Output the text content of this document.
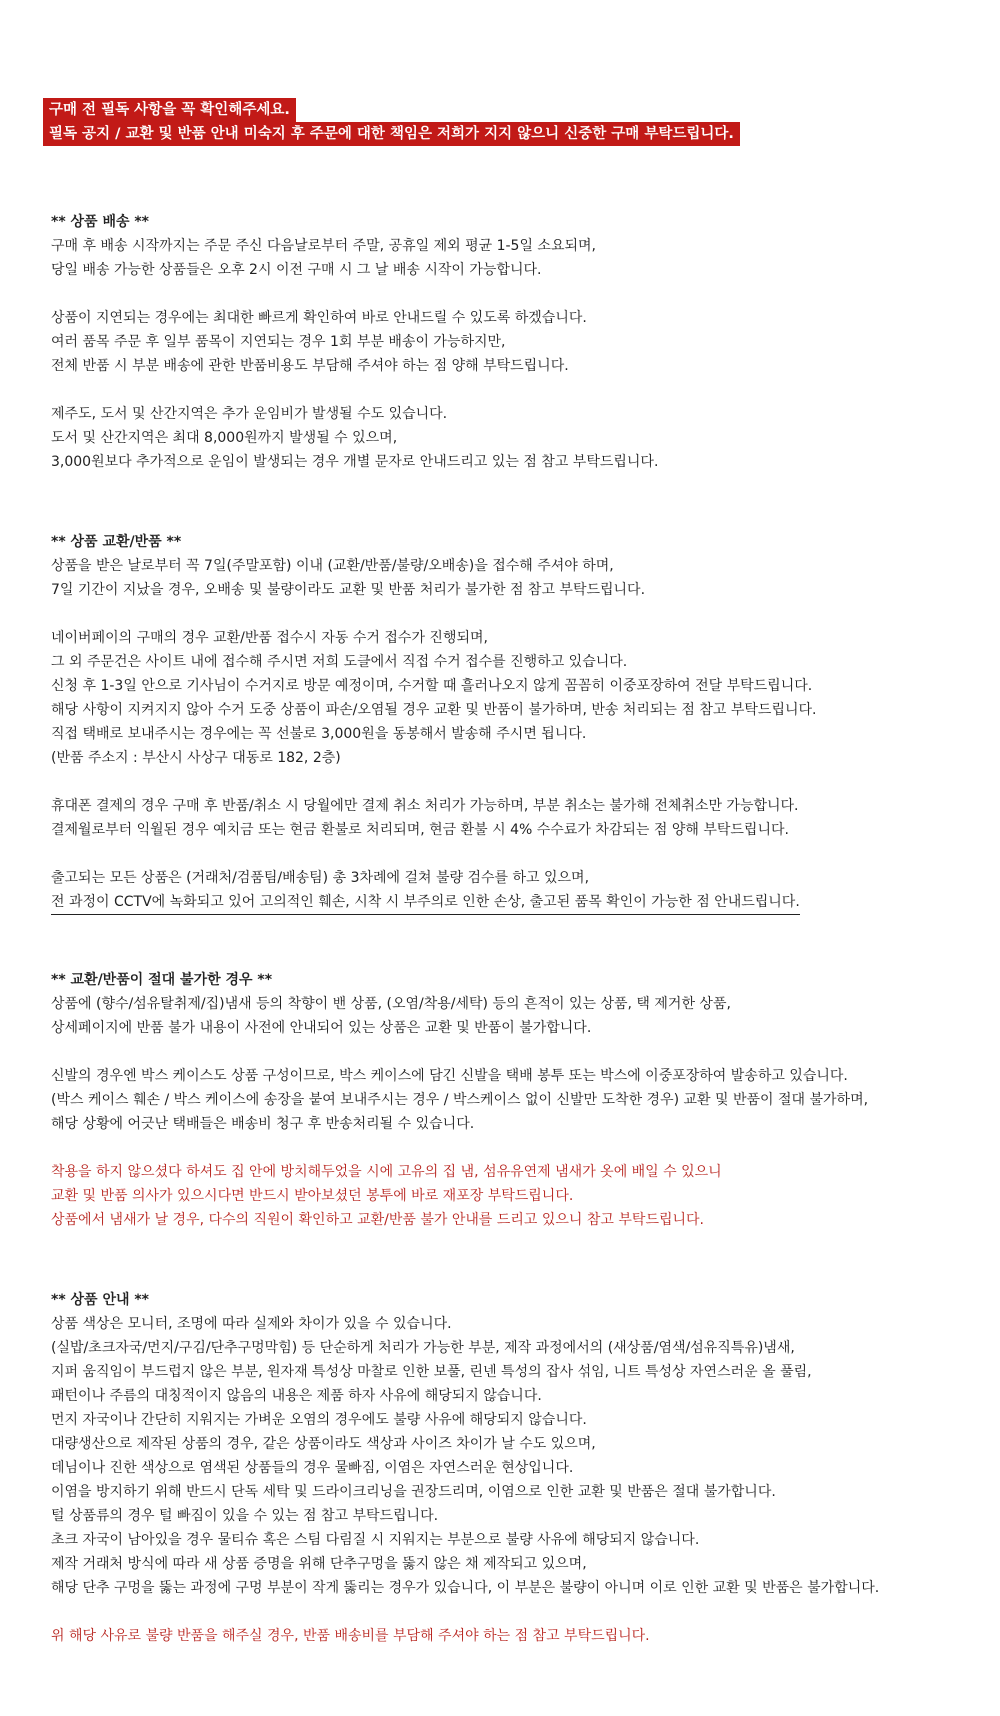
구매 전 필독 사항을 꼭 확인해주세요.
필독 공지 / 교환 및 반품 안내 미숙지 후 주문에 대한 책임은 저희가 지지 않으니 신중한 구매 부탁드립니다.
** 상품 배송 **
구매 후 배송 시작까지는 주문 주신 다음날로부터 주말, 공휴일 제외 평균 1-5일 소요되며,
당일 배송 가능한 상품들은 오후 2시 이전 구매 시 그 날 배송 시작이 가능합니다.
상품이 지연되는 경우에는 최대한 빠르게 확인하여 바로 안내드릴 수 있도록 하겠습니다.
여러 품목 주문 후 일부 품목이 지연되는 경우 1회 부분 배송이 가능하지만,
전체 반품 시 부분 배송에 관한 반품비용도 부담해 주셔야 하는 점 양해 부탁드립니다.
제주도, 도서 및 산간지역은 추가 운임비가 발생될 수도 있습니다.
도서 및 산간지역은 최대 8,000원까지 발생될 수 있으며,
3,000원보다 추가적으로 운임이 발생되는 경우 개별 문자로 안내드리고 있는 점 참고 부탁드립니다.
** 상품 교환/반품 **
상품을 받은 날로부터 꼭 7일(주말포함) 이내 (교환/반품/불량/오배송)을 접수해 주셔야 하며,
7일 기간이 지났을 경우, 오배송 및 불량이라도 교환 및 반품 처리가 불가한 점 참고 부탁드립니다.
네이버페이의 구매의 경우 교환/반품 접수시 자동 수거 접수가 진행되며,
그 외 주문건은 사이트 내에 접수해 주시면 저희 도클에서 직접 수거 접수를 진행하고 있습니다.
신청 후 1-3일 안으로 기사님이 수거지로 방문 예정이며, 수거할 때 흘러나오지 않게 꼼꼼히 이중포장하여 전달 부탁드립니다.
해당 사항이 지켜지지 않아 수거 도중 상품이 파손/오염될 경우 교환 및 반품이 불가하며, 반송 처리되는 점 참고 부탁드립니다.
직접 택배로 보내주시는 경우에는 꼭 선불로 3,000원을 동봉해서 발송해 주시면 됩니다.
(반품 주소지 : 부산시 사상구 대동로 182, 2층)
휴대폰 결제의 경우 구매 후 반품/취소 시 당월에만 결제 취소 처리가 가능하며, 부분 취소는 불가해 전체취소만 가능합니다.
결제월로부터 익월된 경우 예치금 또는 현금 환불로 처리되며, 현금 환불 시 4% 수수료가 차감되는 점 양해 부탁드립니다.
출고되는 모든 상품은 (거래처/검품팀/배송팀) 총 3차례에 걸쳐 불량 검수를 하고 있으며,
전 과정이 CCTV에 녹화되고 있어 고의적인 훼손, 시착 시 부주의로 인한 손상, 출고된 품목 확인이 가능한 점 안내드립니다.
** 교환/반품이 절대 불가한 경우 **
상품에 (향수/섬유탈취제/집)냄새 등의 착향이 밴 상품, (오염/착용/세탁) 등의 흔적이 있는 상품, 택 제거한 상품,
상세페이지에 반품 불가 내용이 사전에 안내되어 있는 상품은 교환 및 반품이 불가합니다.
신발의 경우엔 박스 케이스도 상품 구성이므로, 박스 케이스에 담긴 신발을 택배 봉투 또는 박스에 이중포장하여 발송하고 있습니다.
(박스 케이스 훼손 / 박스 케이스에 송장을 붙여 보내주시는 경우 / 박스케이스 없이 신발만 도착한 경우) 교환 및 반품이 절대 불가하며,
해당 상황에 어긋난 택배들은 배송비 청구 후 반송처리될 수 있습니다.
착용을 하지 않으셨다 하셔도 집 안에 방치해두었을 시에 고유의 집 냄, 섬유유연제 냄새가 옷에 배일 수 있으니
교환 및 반품 의사가 있으시다면 반드시 받아보셨던 봉투에 바로 재포장 부탁드립니다.
상품에서 냄새가 날 경우, 다수의 직원이 확인하고 교환/반품 불가 안내를 드리고 있으니 참고 부탁드립니다.
** 상품 안내 **
상품 색상은 모니터, 조명에 따라 실제와 차이가 있을 수 있습니다.
(실밥/초크자국/먼지/구김/단추구멍막힘) 등 단순하게 처리가 가능한 부분, 제작 과정에서의 (새상품/염색/섬유직특유)냄새,
지퍼 움직임이 부드럽지 않은 부분, 원자재 특성상 마찰로 인한 보풀, 린넨 특성의 잡사 섞임, 니트 특성상 자연스러운 올 풀림,
패턴이나 주름의 대칭적이지 않음의 내용은 제품 하자 사유에 해당되지 않습니다.
먼지 자국이나 간단히 지워지는 가벼운 오염의 경우에도 불량 사유에 해당되지 않습니다.
대량생산으로 제작된 상품의 경우, 같은 상품이라도 색상과 사이즈 차이가 날 수도 있으며,
데님이나 진한 색상으로 염색된 상품들의 경우 물빠짐, 이염은 자연스러운 현상입니다.
이염을 방지하기 위해 반드시 단독 세탁 및 드라이크리닝을 권장드리며, 이염으로 인한 교환 및 반품은 절대 불가합니다.
털 상품류의 경우 털 빠짐이 있을 수 있는 점 참고 부탁드립니다.
초크 자국이 남아있을 경우 물티슈 혹은 스팀 다림질 시 지워지는 부분으로 불량 사유에 해당되지 않습니다.
제작 거래처 방식에 따라 새 상품 증명을 위해 단추구멍을 뚫지 않은 채 제작되고 있으며,
해당 단추 구멍을 뚫는 과정에 구멍 부분이 작게 뚫리는 경우가 있습니다, 이 부분은 불량이 아니며 이로 인한 교환 및 반품은 불가합니다.
위 해당 사유로 불량 반품을 해주실 경우, 반품 배송비를 부담해 주셔야 하는 점 참고 부탁드립니다.
